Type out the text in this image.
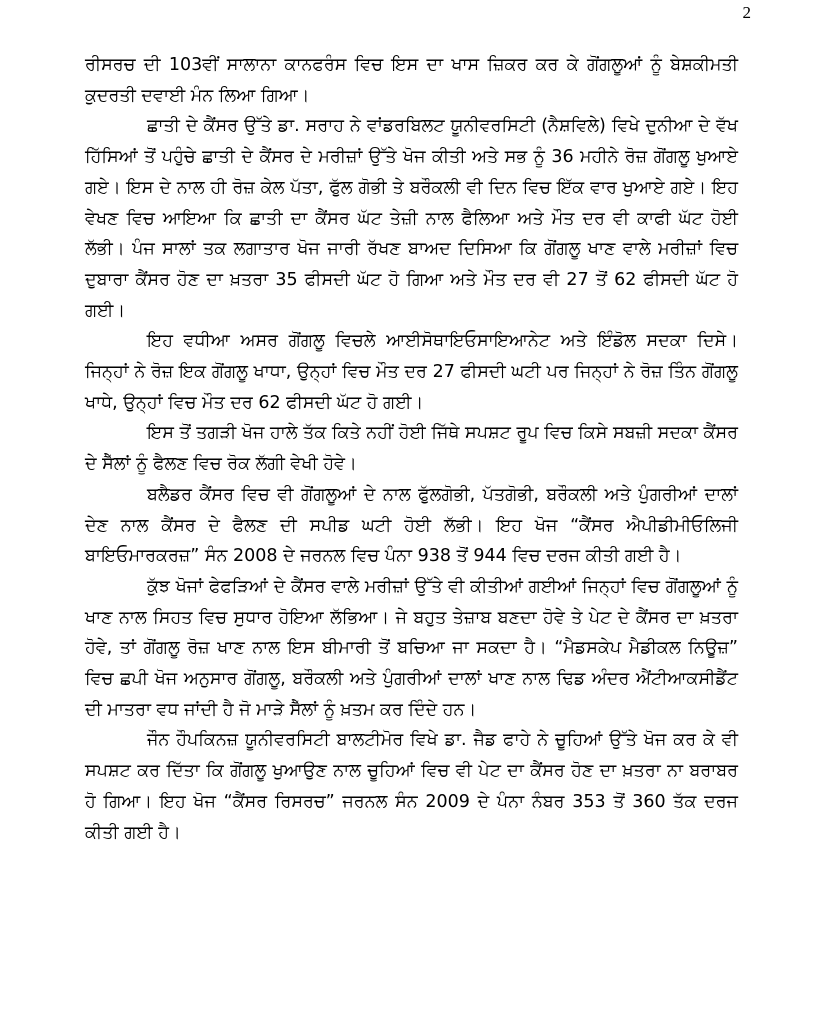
2

ਰੀਸਰਚ ਦੀ 103ਵੀਂ ਸਾਲਾਨਾ ਕਾਨਫਰੰਸ ਵਿਚ ਇਸ ਦਾ ਖਾਸ ਜ਼ਿਕਰ ਕਰ ਕੇ ਗੋਂਗਲੂਆਂ ਨੂੰ ਬੇਸ਼ਕੀਮਤੀ ਕੁਦਰਤੀ ਦਵਾਈ ਮੰਨ ਲਿਆ ਗਿਆ।

ਛਾਤੀ ਦੇ ਕੈਂਸਰ ਉੱਤੇ ਡਾ. ਸਰਾਹ ਨੇ ਵਾਂਡਰਬਿਲਟ ਯੂਨੀਵਰਸਿਟੀ (ਨੈਸ਼ਵਿਲੇ) ਵਿਖੇ ਦੁਨੀਆ ਦੇ ਵੱਖ ਹਿੱਸਿਆਂ ਤੋਂ ਪਹੁੰਚੇ ਛਾਤੀ ਦੇ ਕੈਂਸਰ ਦੇ ਮਰੀਜ਼ਾਂ ਉੱਤੇ ਖੋਜ ਕੀਤੀ ਅਤੇ ਸਭ ਨੂੰ 36 ਮਹੀਨੇ ਰੋਜ਼ ਗੋਂਗਲੂ ਖੁਆਏ ਗਏ। ਇਸ ਦੇ ਨਾਲ ਹੀ ਰੋਜ਼ ਕੇਲ ਪੱਤਾ, ਫੁੱਲ ਗੋਭੀ ਤੇ ਬਰੌਕਲੀ ਵੀ ਦਿਨ ਵਿਚ ਇੱਕ ਵਾਰ ਖੁਆਏ ਗਏ। ਇਹ ਵੇਖਣ ਵਿਚ ਆਇਆ ਕਿ ਛਾਤੀ ਦਾ ਕੈਂਸਰ ਘੱਟ ਤੇਜ਼ੀ ਨਾਲ ਫੈਲਿਆ ਅਤੇ ਮੌਤ ਦਰ ਵੀ ਕਾਫੀ ਘੱਟ ਹੋਈ ਲੱਭੀ। ਪੰਜ ਸਾਲਾਂ ਤਕ ਲਗਾਤਾਰ ਖੋਜ ਜਾਰੀ ਰੱਖਣ ਬਾਅਦ ਦਿਸਿਆ ਕਿ ਗੋਂਗਲੂ ਖਾਣ ਵਾਲੇ ਮਰੀਜ਼ਾਂ ਵਿਚ ਦੁਬਾਰਾ ਕੈਂਸਰ ਹੋਣ ਦਾ ਖ਼ਤਰਾ 35 ਫੀਸਦੀ ਘੱਟ ਹੋ ਗਿਆ ਅਤੇ ਮੌਤ ਦਰ ਵੀ 27 ਤੋਂ 62 ਫੀਸਦੀ ਘੱਟ ਹੋ ਗਈ।

ਇਹ ਵਧੀਆ ਅਸਰ ਗੋਂਗਲੂ ਵਿਚਲੇ ਆਈਸੋਥਾਇਓਸਾਇਆਨੇਟ ਅਤੇ ਇੰਡੋਲ ਸਦਕਾ ਦਿਸੇ। ਜਿਨ੍ਹਾਂ ਨੇ ਰੋਜ਼ ਇਕ ਗੋਂਗਲੂ ਖਾਧਾ, ਉਨ੍ਹਾਂ ਵਿਚ ਮੌਤ ਦਰ 27 ਫੀਸਦੀ ਘਟੀ ਪਰ ਜਿਨ੍ਹਾਂ ਨੇ ਰੋਜ਼ ਤਿੰਨ ਗੋਂਗਲੂ ਖਾਧੇ, ਉਨ੍ਹਾਂ ਵਿਚ ਮੌਤ ਦਰ 62 ਫੀਸਦੀ ਘੱਟ ਹੋ ਗਈ।

ਇਸ ਤੋਂ ਤਗੜੀ ਖੋਜ ਹਾਲੇ ਤੱਕ ਕਿਤੇ ਨਹੀਂ ਹੋਈ ਜਿੱਥੇ ਸਪਸ਼ਟ ਰੂਪ ਵਿਚ ਕਿਸੇ ਸਬਜ਼ੀ ਸਦਕਾ ਕੈਂਸਰ ਦੇ ਸੈੱਲਾਂ ਨੂੰ ਫੈਲਣ ਵਿਚ ਰੋਕ ਲੱਗੀ ਵੇਖੀ ਹੋਵੇ।

ਬਲੈਡਰ ਕੈਂਸਰ ਵਿਚ ਵੀ ਗੋਂਗਲੂਆਂ ਦੇ ਨਾਲ ਫੁੱਲਗੋਭੀ, ਪੱਤਗੋਭੀ, ਬਰੌਕਲੀ ਅਤੇ ਪੁੰਗਰੀਆਂ ਦਾਲਾਂ ਦੇਣ ਨਾਲ ਕੈਂਸਰ ਦੇ ਫੈਲਣ ਦੀ ਸਪੀਡ ਘਟੀ ਹੋਈ ਲੱਭੀ। ਇਹ ਖੋਜ “ਕੈਂਸਰ ਐਪੀਡੀਮੀਓਲਿਜੀ ਬਾਇਓਮਾਰਕਰਜ਼” ਸੰਨ 2008 ਦੇ ਜਰਨਲ ਵਿਚ ਪੰਨਾ 938 ਤੋਂ 944 ਵਿਚ ਦਰਜ ਕੀਤੀ ਗਈ ਹੈ।

ਕੁੱਝ ਖੋਜਾਂ ਫੇਫੜਿਆਂ ਦੇ ਕੈਂਸਰ ਵਾਲੇ ਮਰੀਜ਼ਾਂ ਉੱਤੇ ਵੀ ਕੀਤੀਆਂ ਗਈਆਂ ਜਿਨ੍ਹਾਂ ਵਿਚ ਗੋਂਗਲੂਆਂ ਨੂੰ ਖਾਣ ਨਾਲ ਸਿਹਤ ਵਿਚ ਸੁਧਾਰ ਹੋਇਆ ਲੱਭਿਆ। ਜੇ ਬਹੁਤ ਤੇਜ਼ਾਬ ਬਣਦਾ ਹੋਵੇ ਤੇ ਪੇਟ ਦੇ ਕੈਂਸਰ ਦਾ ਖ਼ਤਰਾ ਹੋਵੇ, ਤਾਂ ਗੋਂਗਲੂ ਰੋਜ਼ ਖਾਣ ਨਾਲ ਇਸ ਬੀਮਾਰੀ ਤੋਂ ਬਚਿਆ ਜਾ ਸਕਦਾ ਹੈ। “ਮੈਡਸਕੇਪ ਮੈਡੀਕਲ ਨਿਊਜ਼” ਵਿਚ ਛਪੀ ਖੋਜ ਅਨੁਸਾਰ ਗੋਂਗਲੂ, ਬਰੌਕਲੀ ਅਤੇ ਪੁੰਗਰੀਆਂ ਦਾਲਾਂ ਖਾਣ ਨਾਲ ਢਿਡ ਅੰਦਰ ਐਂਟੀਆਕਸੀਡੈਂਟ ਦੀ ਮਾਤਰਾ ਵਧ ਜਾਂਦੀ ਹੈ ਜੋ ਮਾੜੇ ਸੈੱਲਾਂ ਨੂੰ ਖ਼ਤਮ ਕਰ ਦਿੰਦੇ ਹਨ।

ਜੌਨ ਹੌਪਕਿਨਜ਼ ਯੂਨੀਵਰਸਿਟੀ ਬਾਲਟੀਮੋਰ ਵਿਖੇ ਡਾ. ਜੈਡ ਫਾਹੇ ਨੇ ਚੂਹਿਆਂ ਉੱਤੇ ਖੋਜ ਕਰ ਕੇ ਵੀ ਸਪਸ਼ਟ ਕਰ ਦਿੱਤਾ ਕਿ ਗੋਂਗਲੂ ਖੁਆਉਣ ਨਾਲ ਚੂਹਿਆਂ ਵਿਚ ਵੀ ਪੇਟ ਦਾ ਕੈਂਸਰ ਹੋਣ ਦਾ ਖ਼ਤਰਾ ਨਾ ਬਰਾਬਰ ਹੋ ਗਿਆ। ਇਹ ਖੋਜ “ਕੈਂਸਰ ਰਿਸਰਚ” ਜਰਨਲ ਸੰਨ 2009 ਦੇ ਪੰਨਾ ਨੰਬਰ 353 ਤੋਂ 360 ਤੱਕ ਦਰਜ ਕੀਤੀ ਗਈ ਹੈ।
